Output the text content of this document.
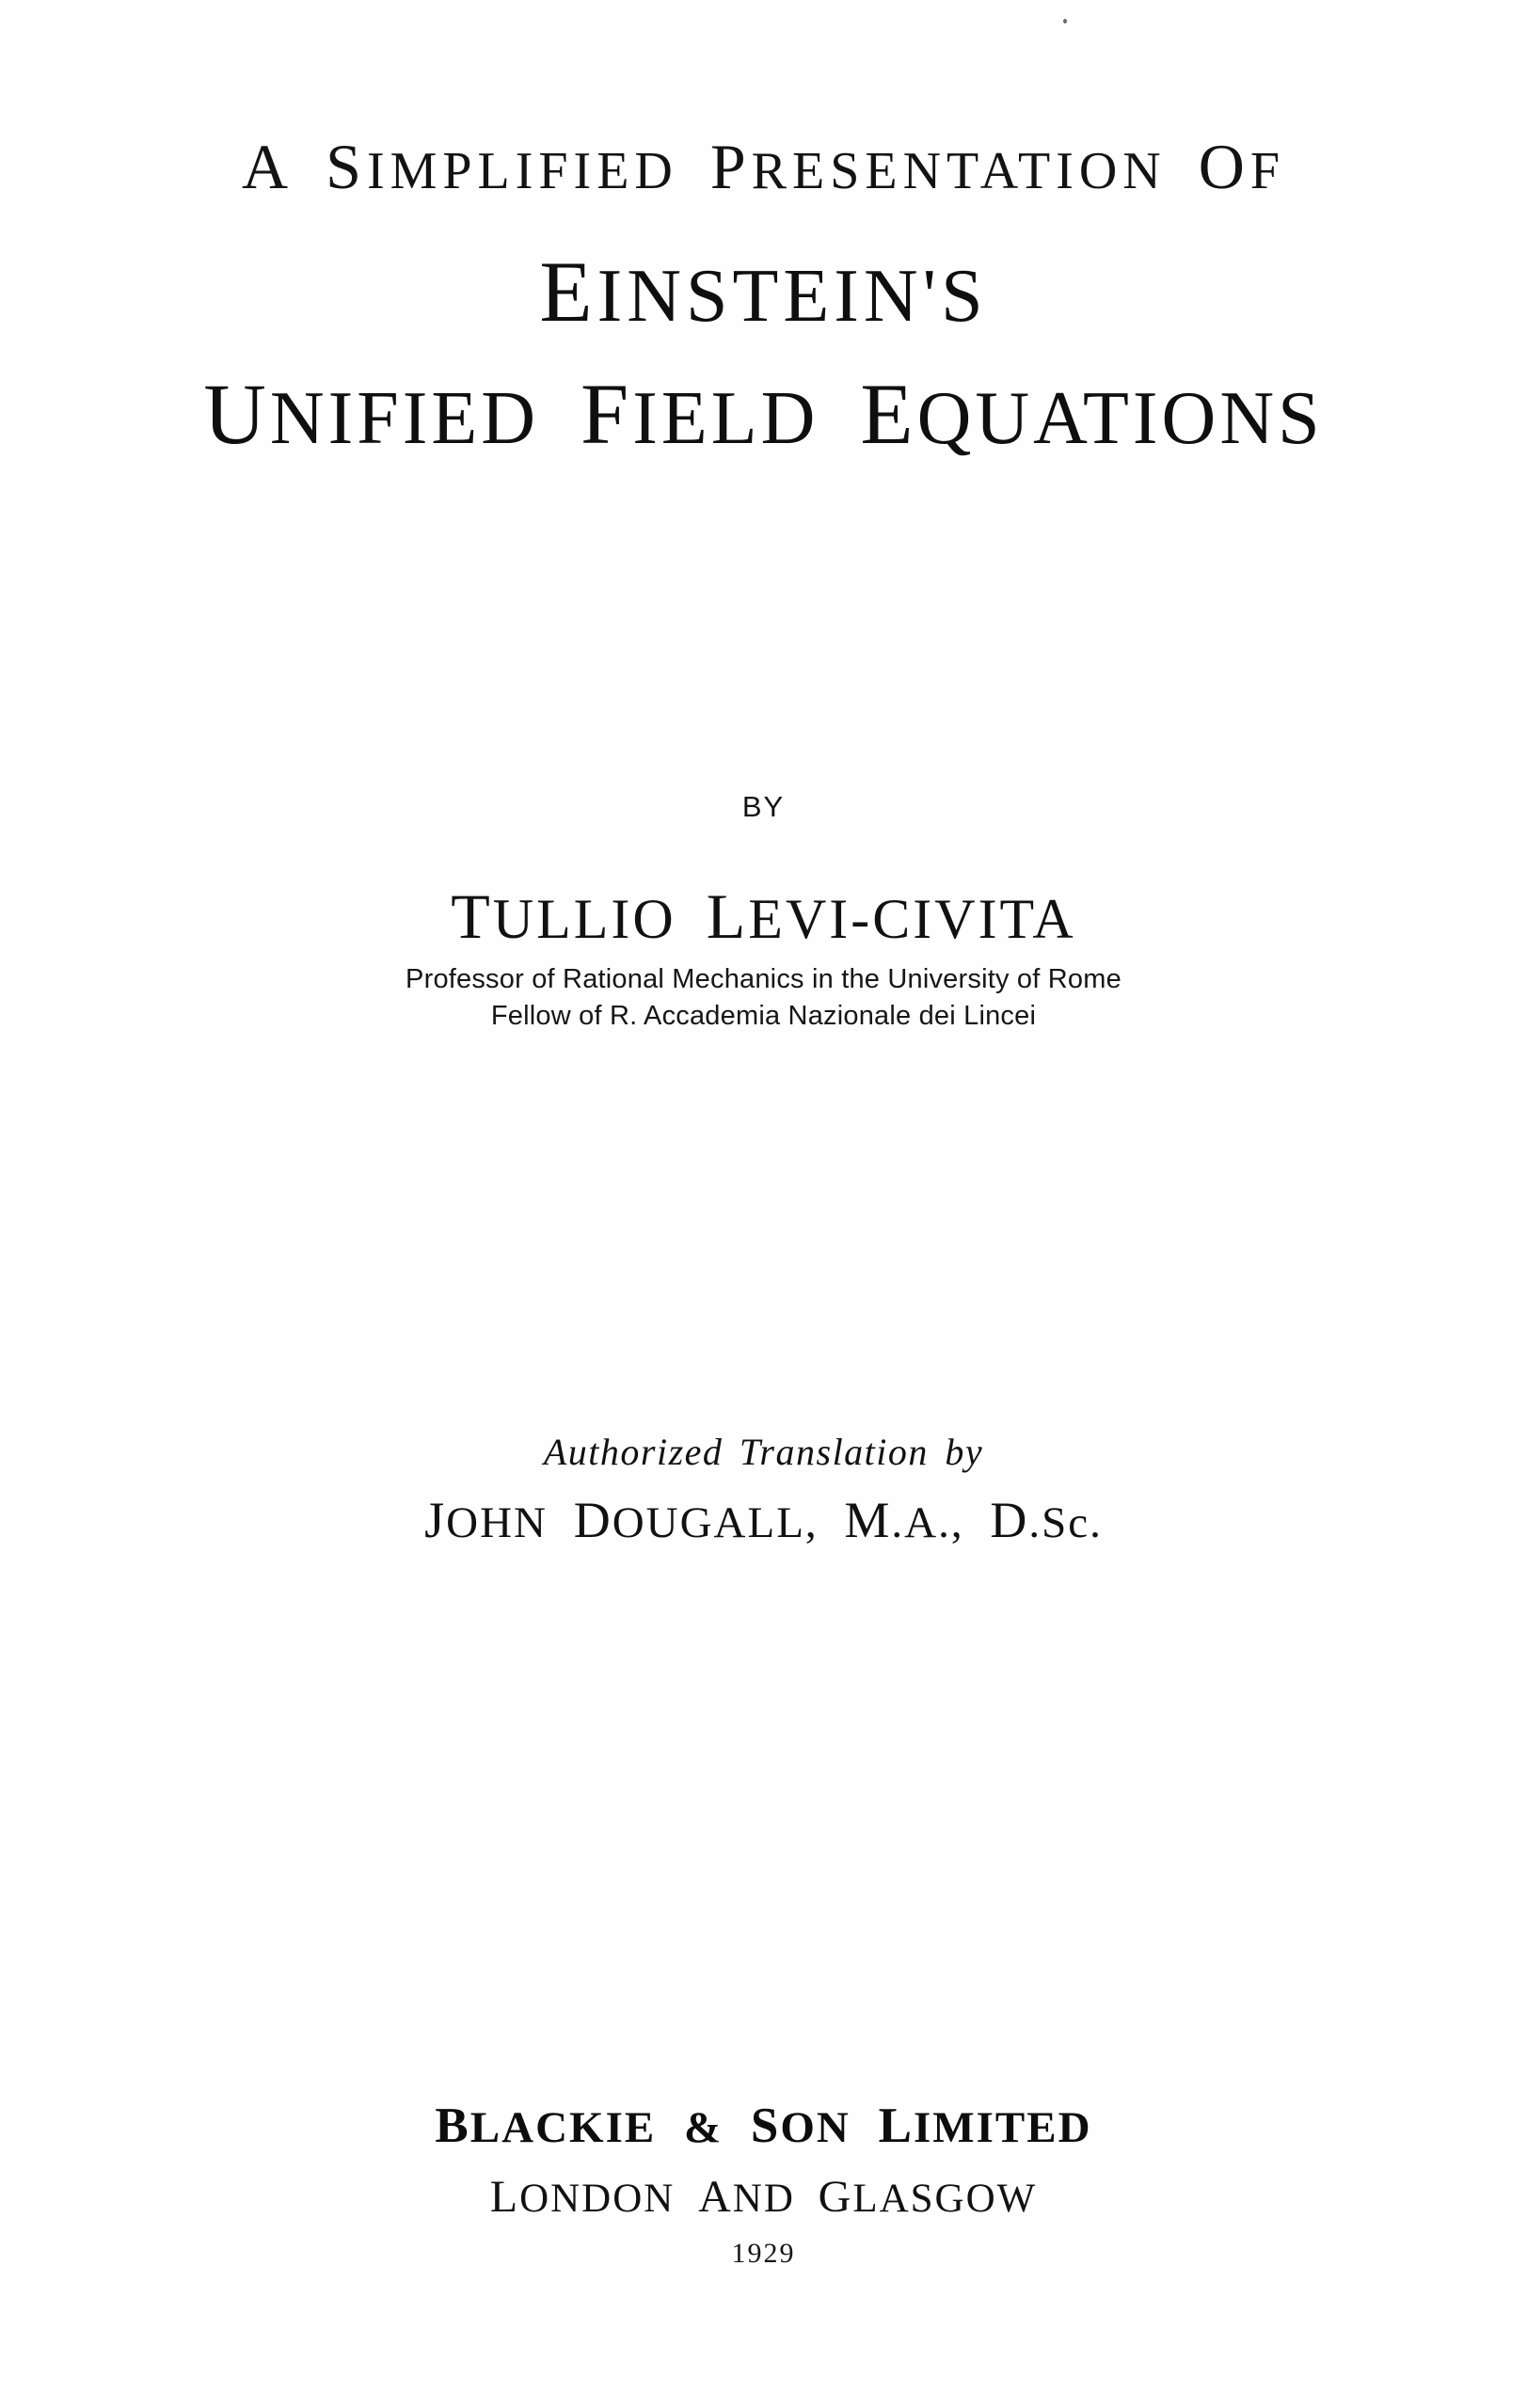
A SIMPLIFIED PRESENTATION OF
EINSTEIN'S
UNIFIED FIELD EQUATIONS
BY
TULLIO LEVI-CIVITA
Professor of Rational Mechanics in the University of Rome
Fellow of R. Accademia Nazionale dei Lincei
Authorized Translation by
JOHN DOUGALL, M.A., D.Sc.
BLACKIE & SON LIMITED
LONDON AND GLASGOW
1929
